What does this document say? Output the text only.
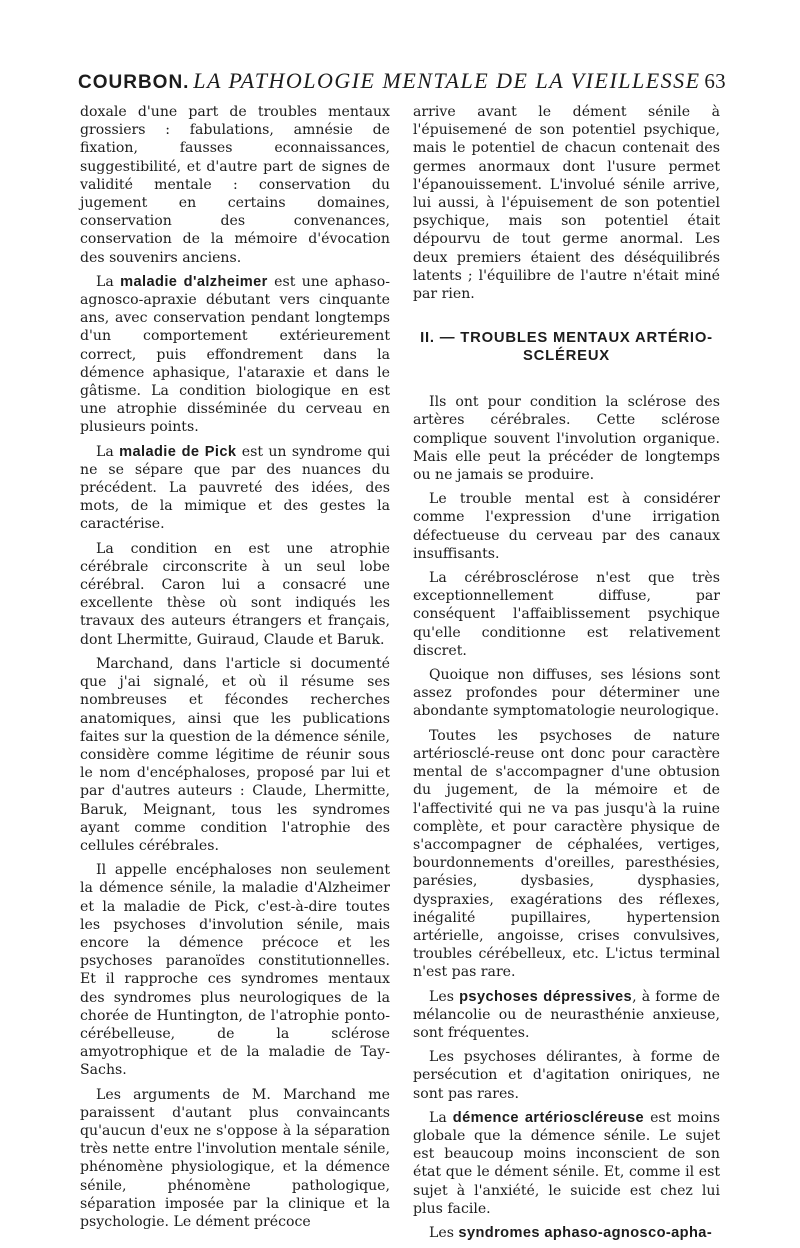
COURBON. LA PATHOLOGIE MENTALE DE LA VIEILLESSE 63

doxale d'une part de troubles mentaux grossiers : fabulations, amnésie de fixation, fausses econnaissances, suggestibilité, et d'autre part de signes de validité mentale : conservation du jugement en certains domaines, conservation des convenances, conservation de la mémoire d'évocation des souvenirs anciens.

La maladie d'alzheimer est une aphaso-agnosco-apraxie débutant vers cinquante ans, avec conservation pendant longtemps d'un comportement extérieurement correct, puis effondrement dans la démence aphasique, l'ataraxie et dans le gâtisme. La condition biologique en est une atrophie disséminée du cerveau en plusieurs points.

La maladie de Pick est un syndrome qui ne se sépare que par des nuances du précédent. La pauvreté des idées, des mots, de la mimique et des gestes la caractérise.

La condition en est une atrophie cérébrale circonscrite à un seul lobe cérébral. Caron lui a consacré une excellente thèse où sont indiqués les travaux des auteurs étrangers et français, dont Lhermitte, Guiraud, Claude et Baruk.

Marchand, dans l'article si documenté que j'ai signalé, et où il résume ses nombreuses et fécondes recherches anatomiques, ainsi que les publications faites sur la question de la démence sénile, considère comme légitime de réunir sous le nom d'encéphaloses, proposé par lui et par d'autres auteurs : Claude, Lhermitte, Baruk, Meignant, tous les syndromes ayant comme condition l'atrophie des cellules cérébrales.

Il appelle encéphaloses non seulement la démence sénile, la maladie d'Alzheimer et la maladie de Pick, c'est-à-dire toutes les psychoses d'involution sénile, mais encore la démence précoce et les psychoses paranoïdes constitutionnelles. Et il rapproche ces syndromes mentaux des syndromes plus neurologiques de la chorée de Huntington, de l'atrophie ponto-cérébelleuse, de la sclérose amyotrophique et de la maladie de Tay-Sachs.

Les arguments de M. Marchand me paraissent d'autant plus convaincants qu'aucun d'eux ne s'oppose à la séparation très nette entre l'involution mentale sénile, phénomène physiologique, et la démence sénile, phénomène pathologique, séparation imposée par la clinique et la psychologie. Le dément précoce

arrive avant le dément sénile à l'épuisemené de son potentiel psychique, mais le potentiel de chacun contenait des germes anormaux dont l'usure permet l'épanouissement. L'involué sénile arrive, lui aussi, à l'épuisement de son potentiel psychique, mais son potentiel était dépourvu de tout germe anormal. Les deux premiers étaient des déséquilibrés latents ; l'équilibre de l'autre n'était miné par rien.

II. — TROUBLES MENTAUX ARTÉRIO-
SCLÉREUX

Ils ont pour condition la sclérose des artères cérébrales. Cette sclérose complique souvent l'involution organique. Mais elle peut la précéder de longtemps ou ne jamais se produire.

Le trouble mental est à considérer comme l'expression d'une irrigation défectueuse du cerveau par des canaux insuffisants.

La cérébrosclérose n'est que très exceptionnellement diffuse, par conséquent l'affaiblissement psychique qu'elle conditionne est relativement discret.

Quoique non diffuses, ses lésions sont assez profondes pour déterminer une abondante symptomatologie neurologique.

Toutes les psychoses de nature artériosclé-reuse ont donc pour caractère mental de s'accompagner d'une obtusion du jugement, de la mémoire et de l'affectivité qui ne va pas jusqu'à la ruine complète, et pour caractère physique de s'accompagner de céphalées, vertiges, bourdonnements d'oreilles, paresthésies, parésies, dysbasies, dysphasies, dyspraxies, exagérations des réflexes, inégalité pupillaires, hypertension artérielle, angoisse, crises convulsives, troubles cérébelleux, etc. L'ictus terminal n'est pas rare.

Les psychoses dépressives, à forme de mélancolie ou de neurasthénie anxieuse, sont fréquentes.

Les psychoses délirantes, à forme de persécution et d'agitation oniriques, ne sont pas rares.

La démence artérioscléreuse est moins globale que la démence sénile. Le sujet est beaucoup moins inconscient de son état que le dément sénile. Et, comme il est sujet à l'anxiété, le suicide est chez lui plus facile.

Les syndromes aphaso-agnosco-apha-
